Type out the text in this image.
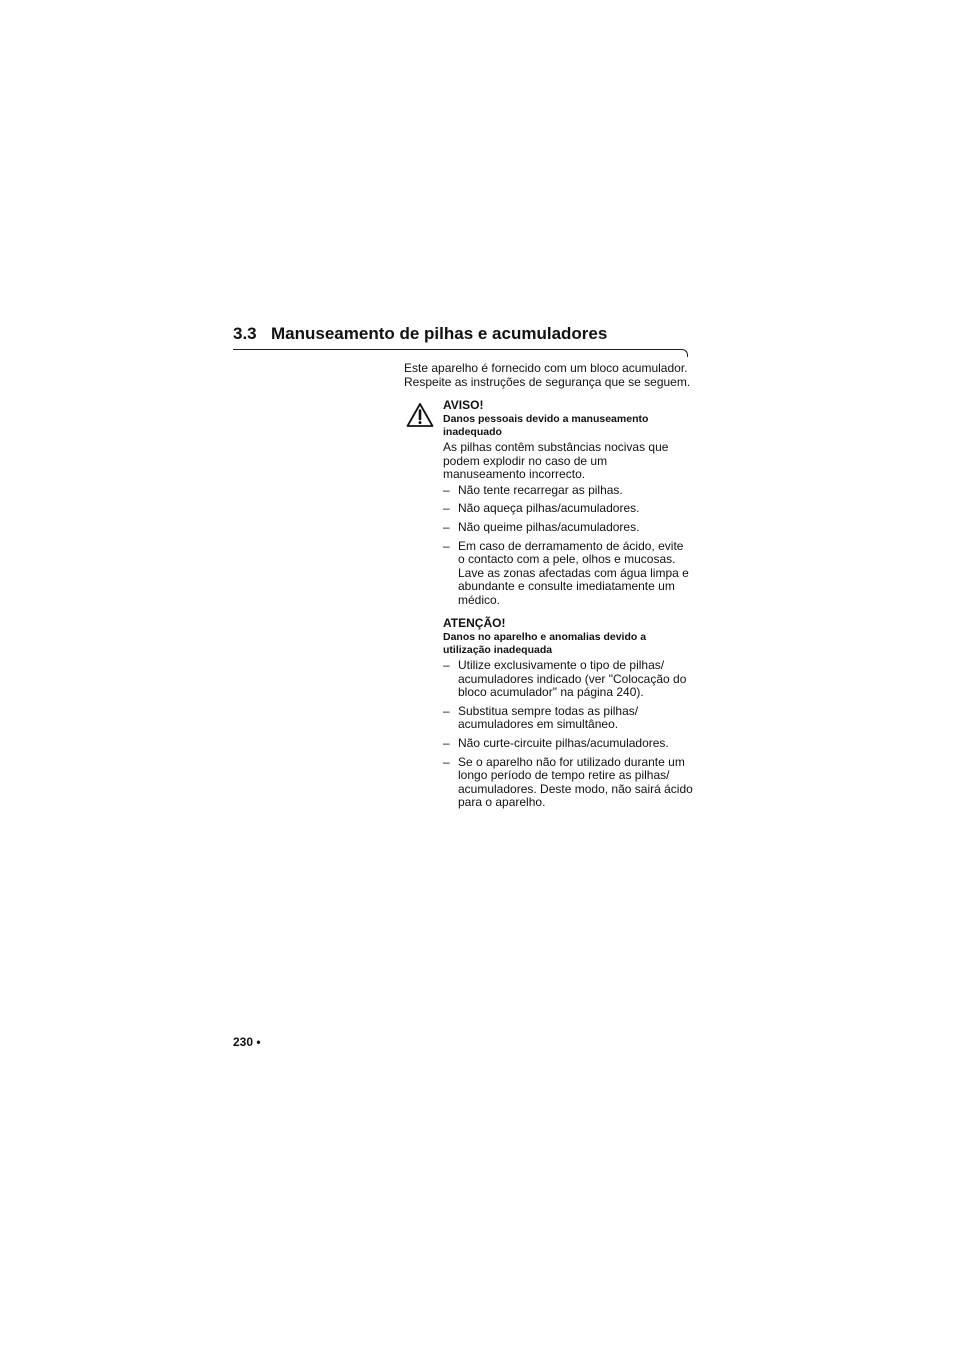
3.3 Manuseamento de pilhas e acumuladores

Este aparelho é fornecido com um bloco acumulador.

Respeite as instruções de segurança que se seguem.

AVISO!

Danos pessoais devido a manuseamento inadequado

As pilhas contêm substâncias nocivas que podem explodir no caso de um manuseamento incorrecto.

– Não tente recarregar as pilhas.
– Não aqueça pilhas/acumuladores.
– Não queime pilhas/acumuladores.
– Em caso de derramamento de ácido, evite o contacto com a pele, olhos e mucosas. Lave as zonas afectadas com água limpa e abundante e consulte imediatamente um médico.

ATENÇÃO!

Danos no aparelho e anomalias devido a utilização inadequada

– Utilize exclusivamente o tipo de pilhas/ acumuladores indicado (ver "Colocação do bloco acumulador" na página 240).
– Substitua sempre todas as pilhas/ acumuladores em simultâneo.
– Não curte-circuite pilhas/acumuladores.
– Se o aparelho não for utilizado durante um longo período de tempo retire as pilhas/ acumuladores. Deste modo, não sairá ácido para o aparelho.

230 •
